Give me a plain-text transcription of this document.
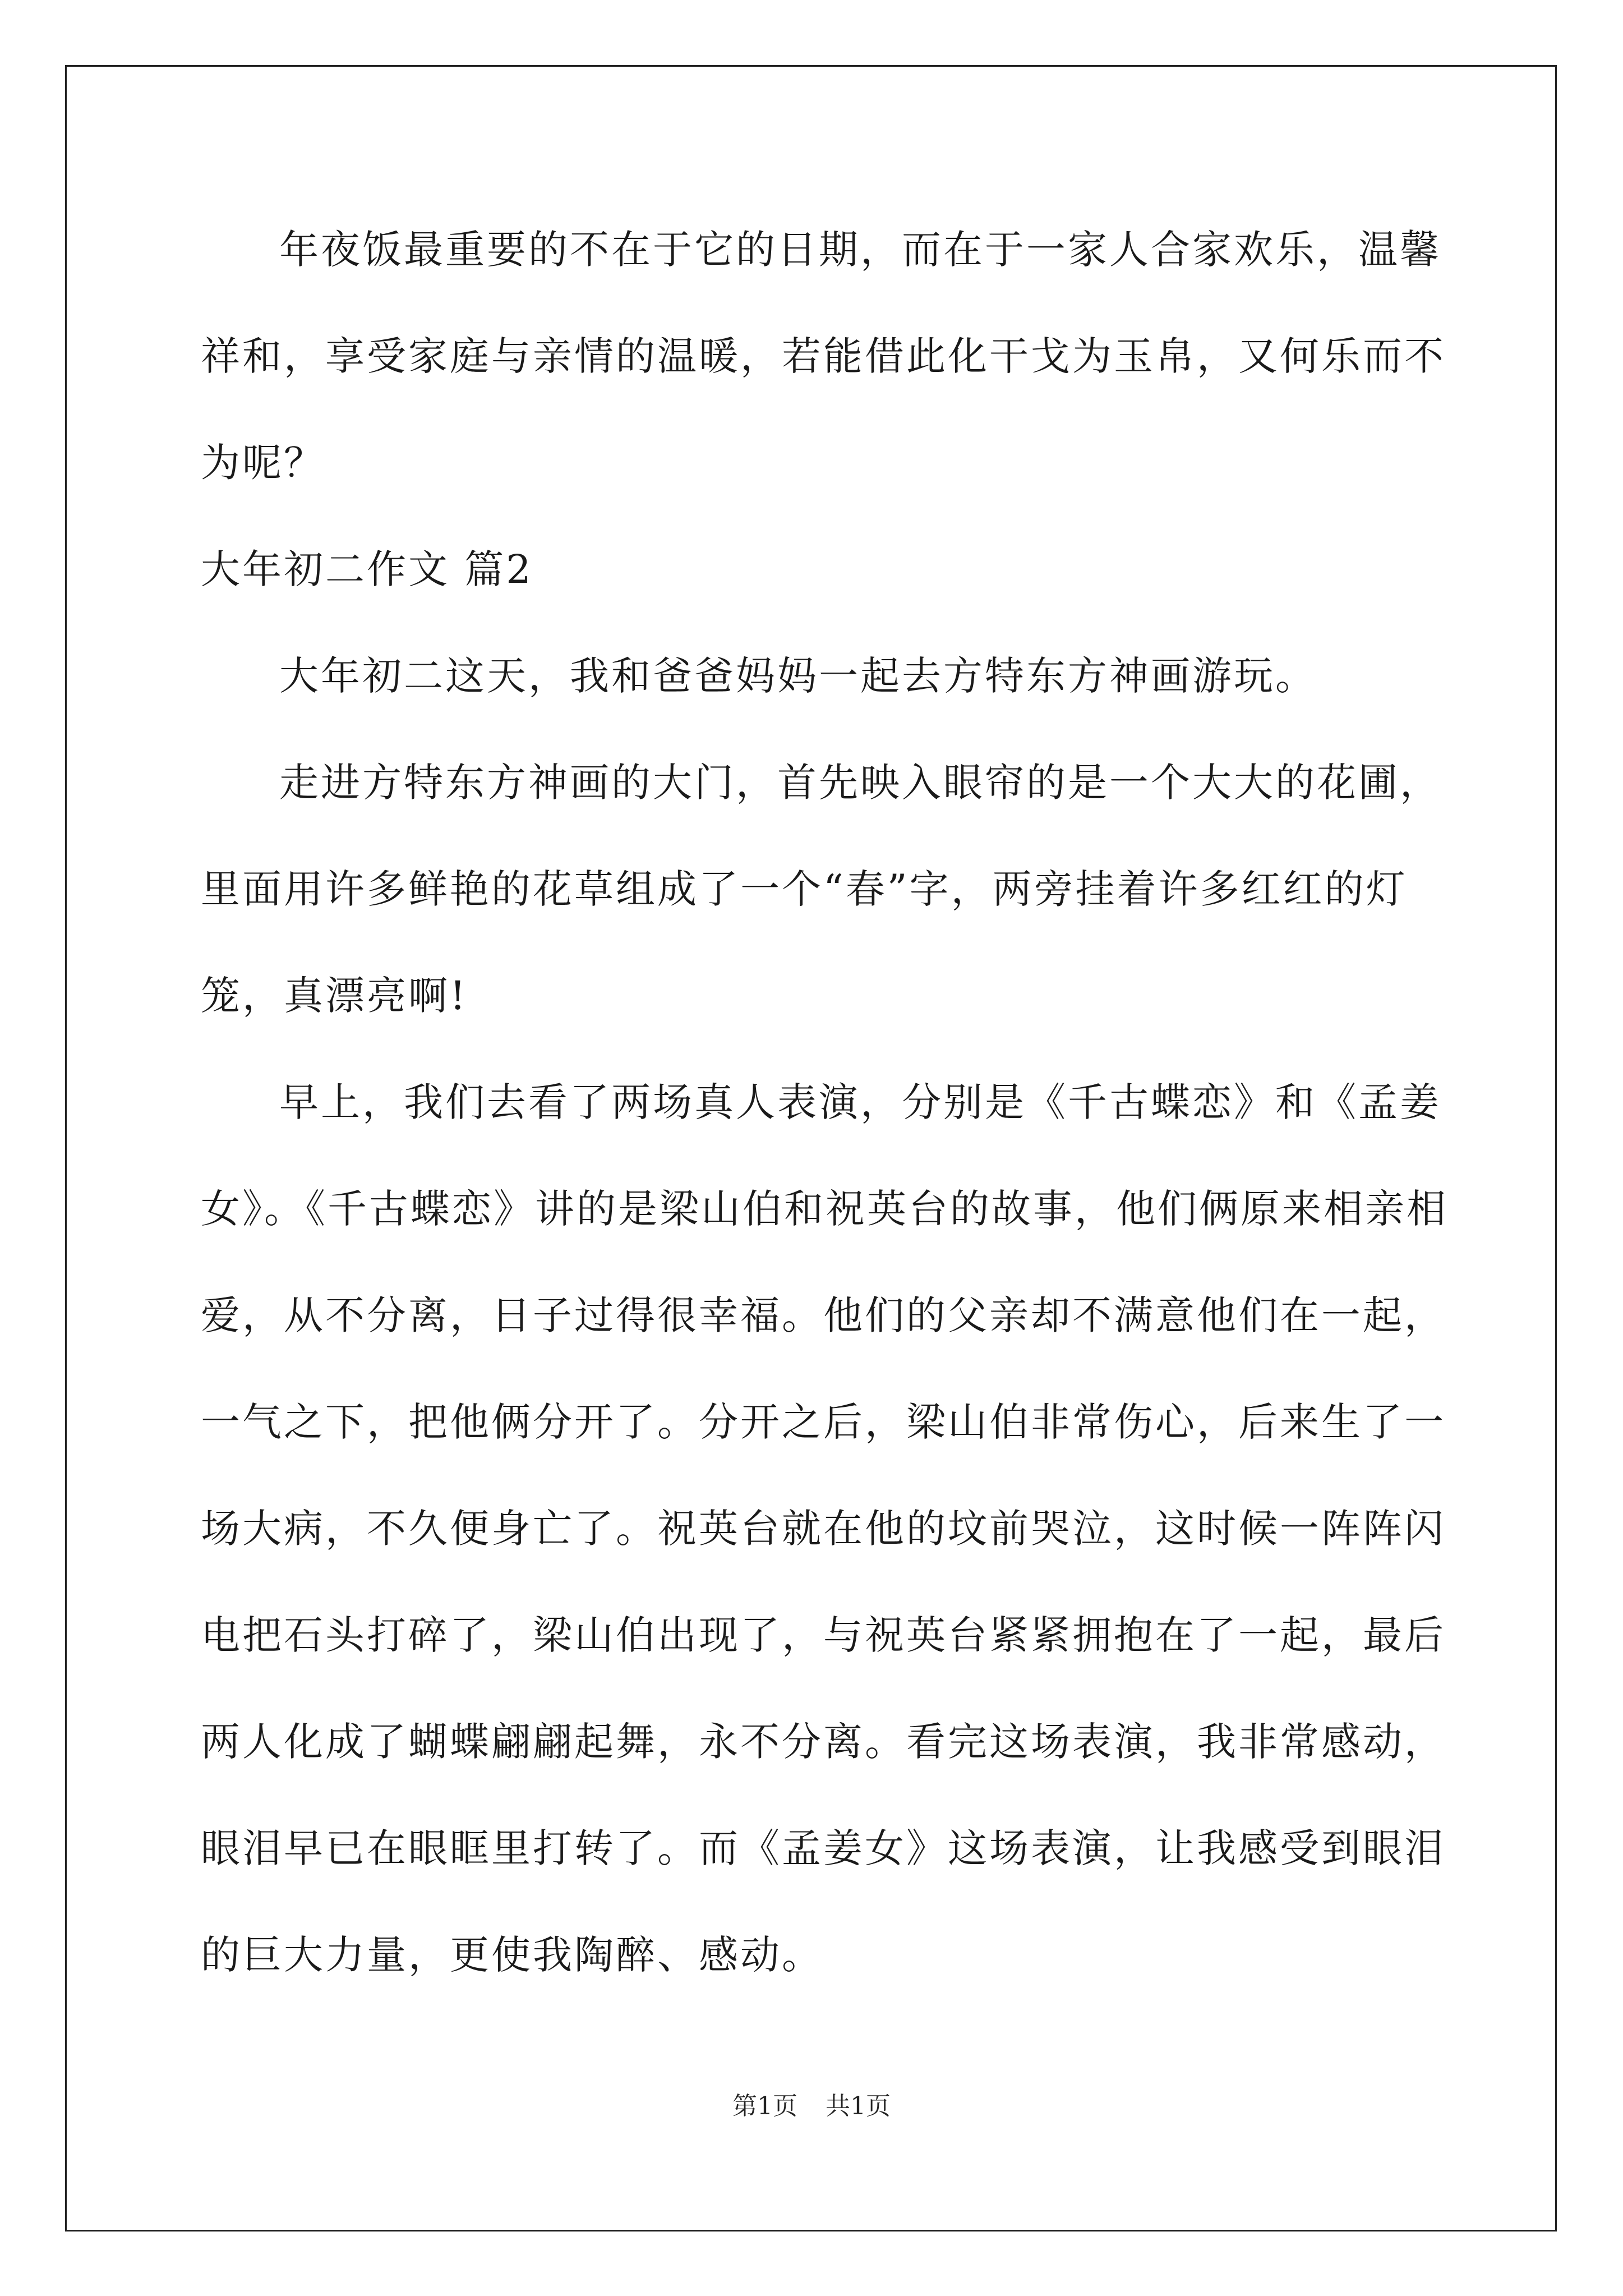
年夜饭最重要的不在于它的日期，而在于一家人合家欢乐，温馨
祥和，享受家庭与亲情的温暖，若能借此化干戈为玉帛，又何乐而不
为呢？
大年初二作文 篇2
大年初二这天，我和爸爸妈妈一起去方特东方神画游玩。
走进方特东方神画的大门，首先映入眼帘的是一个大大的花圃，
里面用许多鲜艳的花草组成了一个“春”字，两旁挂着许多红红的灯
笼，真漂亮啊!
早上，我们去看了两场真人表演，分别是《千古蝶恋》和《孟姜
女》。《千古蝶恋》讲的是梁山伯和祝英台的故事，他们俩原来相亲相
爱，从不分离，日子过得很幸福。他们的父亲却不满意他们在一起，
一气之下，把他俩分开了。分开之后，梁山伯非常伤心，后来生了一
场大病，不久便身亡了。祝英台就在他的坟前哭泣，这时候一阵阵闪
电把石头打碎了，梁山伯出现了，与祝英台紧紧拥抱在了一起，最后
两人化成了蝴蝶翩翩起舞，永不分离。看完这场表演，我非常感动，
眼泪早已在眼眶里打转了。而《孟姜女》这场表演，让我感受到眼泪
的巨大力量，更使我陶醉、感动。
第1页 共1页
